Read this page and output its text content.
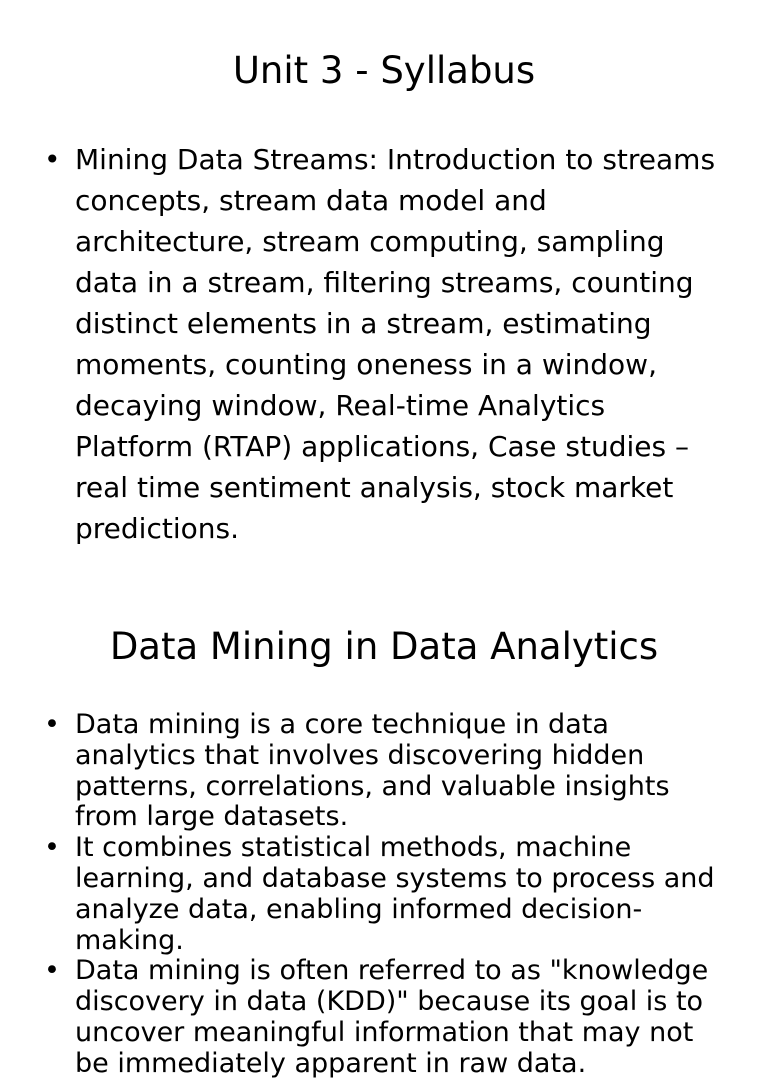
Unit 3 - Syllabus
• Mining Data Streams: Introduction to streams concepts, stream data model and architecture, stream computing, sampling data in a stream, filtering streams, counting distinct elements in a stream, estimating moments, counting oneness in a window, decaying window, Real-time Analytics Platform (RTAP) applications, Case studies – real time sentiment analysis, stock market predictions.
Data Mining in Data Analytics
• Data mining is a core technique in data analytics that involves discovering hidden patterns, correlations, and valuable insights from large datasets.
• It combines statistical methods, machine learning, and database systems to process and analyze data, enabling informed decision-making.
• Data mining is often referred to as "knowledge discovery in data (KDD)" because its goal is to uncover meaningful information that may not be immediately apparent in raw data.
